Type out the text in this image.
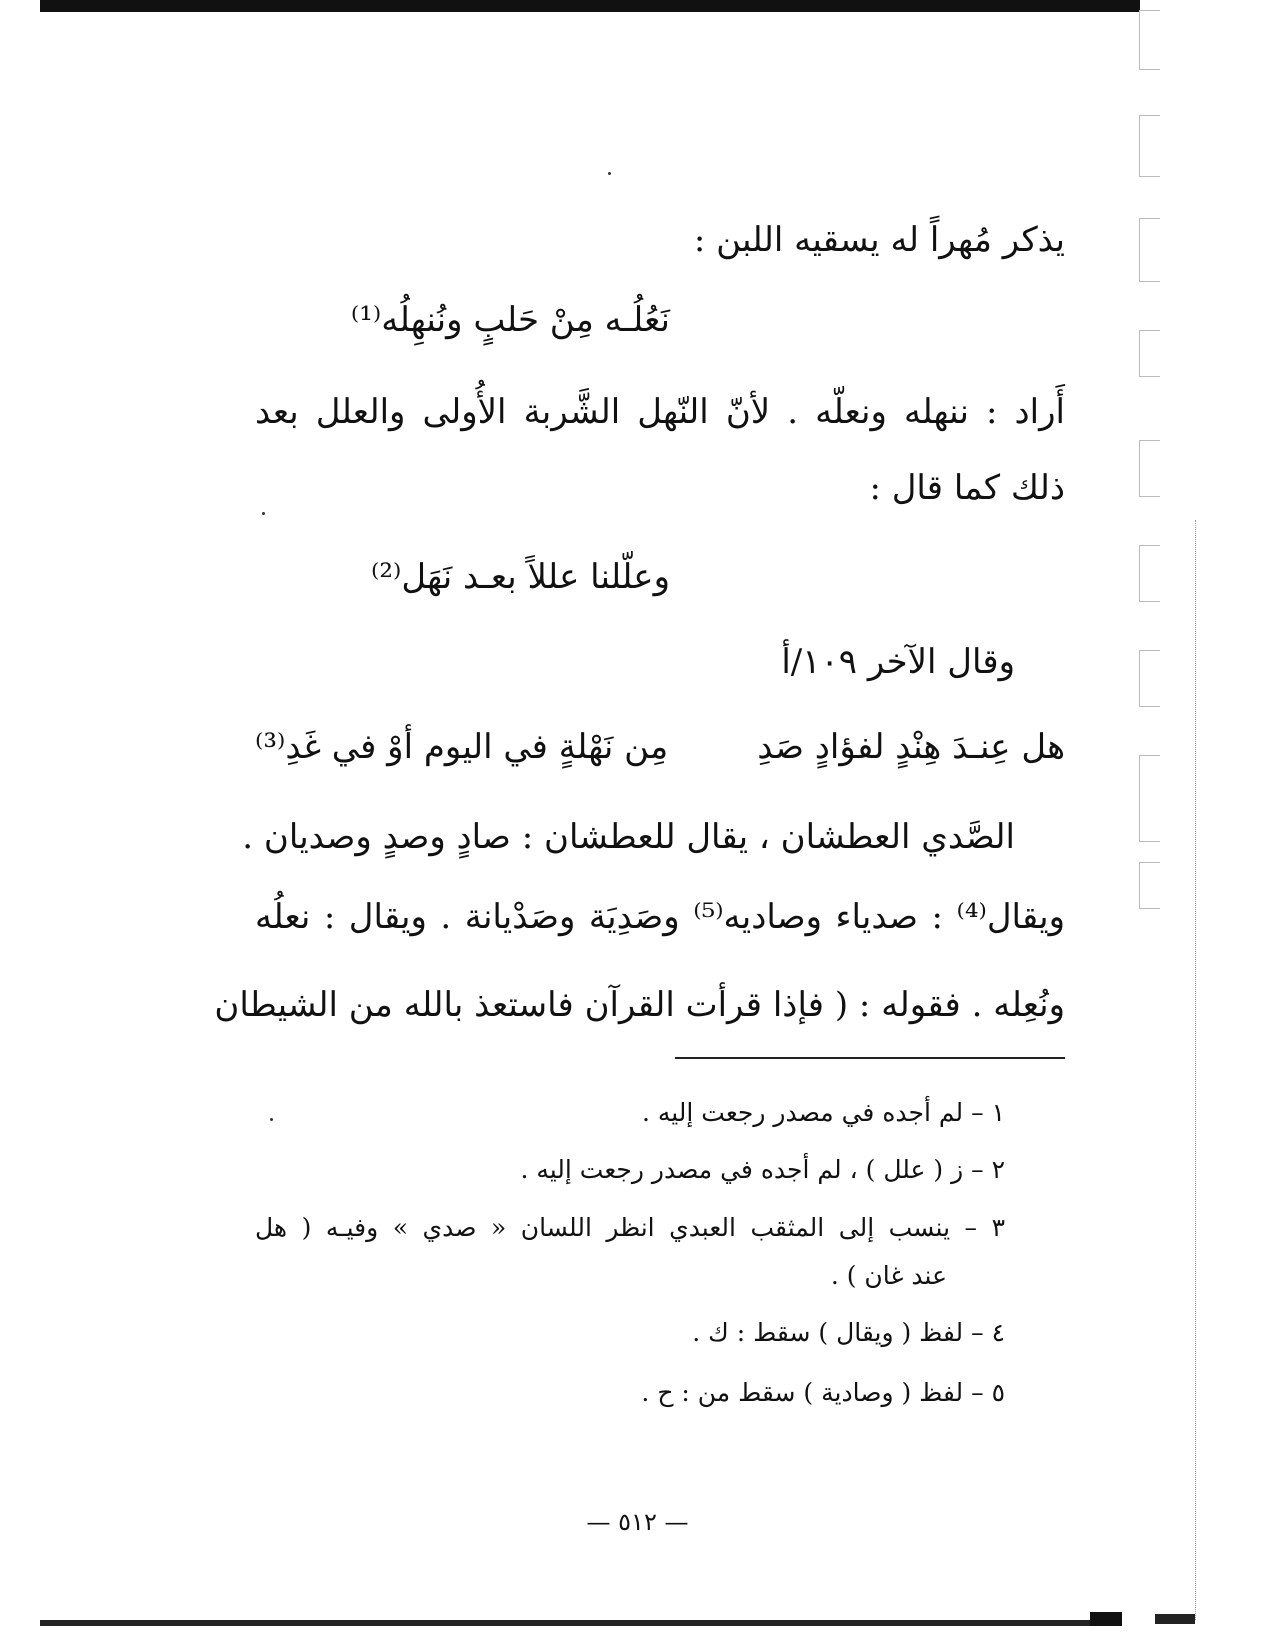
يذكر مُهراً له يسقيه اللبن :
نَعُلُـه مِنْ حَلبٍ ونُنهِلُه⁽¹⁾
أَراد : ننهله ونعلّه . لأنّ النّهل الشَّربة الأُولى والعلل بعد
ذلك كما قال :
وعلّلنا عللاً بعـد نَهَل⁽²⁾
وقال الآخر ١٠٩/أ
هل عِنـدَ هِنْدٍ لفؤادٍ صَدِ
مِن نَهْلةٍ في اليوم أوْ في غَدِ⁽³⁾
الصَّدي العطشان ، يقال للعطشان : صادٍ وصدٍ وصديان .
ويقال⁽⁴⁾ : صدياء وصاديه⁽⁵⁾ وصَدِيَة وصَدْيانة . ويقال : نعلُه
ونُعِله . فقوله : ( فإذا قرأت القرآن فاستعذ بالله من الشيطان
١ – لم أجده في مصدر رجعت إليه .
٢ – ز ( علل ) ، لم أجده في مصدر رجعت إليه .
٣ – ينسب إلى المثقب العبدي انظر اللسان « صدي » وفيـه ( هل
عند غان ) .
٤ – لفظ ( ويقال ) سقط : ك .
٥ – لفظ ( وصادية ) سقط من : ح .
— ٥١٢ —
